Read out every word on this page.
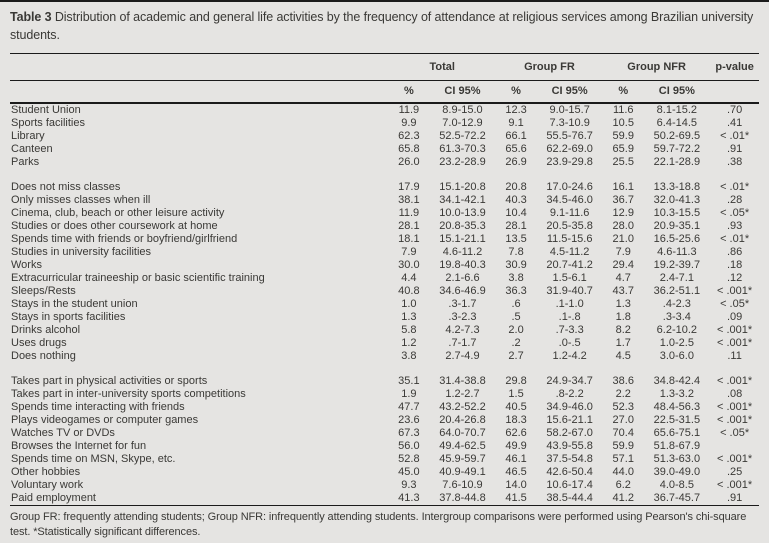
Table 3 Distribution of academic and general life activities by the frequency of attendance at religious services among Brazilian university students.

	Total		Group FR		Group NFR		p-value
	%	CI 95%	%	CI 95%	%	CI 95%	
Student Union	11.9	8.9-15.0	12.3	9.0-15.7	11.6	8.1-15.2	.70
Sports facilities	9.9	7.0-12.9	9.1	7.3-10.9	10.5	6.4-14.5	.41
Library	62.3	52.5-72.2	66.1	55.5-76.7	59.9	50.2-69.5	< .01*
Canteen	65.8	61.3-70.3	65.6	62.2-69.0	65.9	59.7-72.2	.91
Parks	26.0	23.2-28.9	26.9	23.9-29.8	25.5	22.1-28.9	.38

Does not miss classes	17.9	15.1-20.8	20.8	17.0-24.6	16.1	13.3-18.8	< .01*
Only misses classes when ill	38.1	34.1-42.1	40.3	34.5-46.0	36.7	32.0-41.3	.28
Cinema, club, beach or other leisure activity	11.9	10.0-13.9	10.4	9.1-11.6	12.9	10.3-15.5	< .05*
Studies or does other coursework at home	28.1	20.8-35.3	28.1	20.5-35.8	28.0	20.9-35.1	.93
Spends time with friends or boyfriend/girlfriend	18.1	15.1-21.1	13.5	11.5-15.6	21.0	16.5-25.6	< .01*
Studies in university facilities	7.9	4.6-11.2	7.8	4.5-11.2	7.9	4.6-11.3	.86
Works	30.0	19.8-40.3	30.9	20.7-41.2	29.4	19.2-39.7	.18
Extracurricular traineeship or basic scientific training	4.4	2.1-6.6	3.8	1.5-6.1	4.7	2.4-7.1	.12
Sleeps/Rests	40.8	34.6-46.9	36.3	31.9-40.7	43.7	36.2-51.1	< .001*
Stays in the student union	1.0	.3-1.7	.6	.1-1.0	1.3	.4-2.3	< .05*
Stays in sports facilities	1.3	.3-2.3	.5	.1-.8	1.8	.3-3.4	.09
Drinks alcohol	5.8	4.2-7.3	2.0	.7-3.3	8.2	6.2-10.2	< .001*
Uses drugs	1.2	.7-1.7	.2	.0-.5	1.7	1.0-2.5	< .001*
Does nothing	3.8	2.7-4.9	2.7	1.2-4.2	4.5	3.0-6.0	.11

Takes part in physical activities or sports	35.1	31.4-38.8	29.8	24.9-34.7	38.6	34.8-42.4	< .001*
Takes part in inter-university sports competitions	1.9	1.2-2.7	1.5	.8-2.2	2.2	1.3-3.2	.08
Spends time interacting with friends	47.7	43.2-52.2	40.5	34.9-46.0	52.3	48.4-56.3	< .001*
Plays videogames or computer games	23.6	20.4-26.8	18.3	15.6-21.1	27.0	22.5-31.5	< .001*
Watches TV or DVDs	67.3	64.0-70.7	62.6	58.2-67.0	70.4	65.6-75.1	< .05*
Browses the Internet for fun	56.0	49.4-62.5	49.9	43.9-55.8	59.9	51.8-67.9	
Spends time on MSN, Skype, etc.	52.8	45.9-59.7	46.1	37.5-54.8	57.1	51.3-63.0	< .001*
Other hobbies	45.0	40.9-49.1	46.5	42.6-50.4	44.0	39.0-49.0	.25
Voluntary work	9.3	7.6-10.9	14.0	10.6-17.4	6.2	4.0-8.5	< .001*
Paid employment	41.3	37.8-44.8	41.5	38.5-44.4	41.2	36.7-45.7	.91

Group FR: frequently attending students; Group NFR: infrequently attending students. Intergroup comparisons were performed using Pearson's chi-square test. *Statistically significant differences.
